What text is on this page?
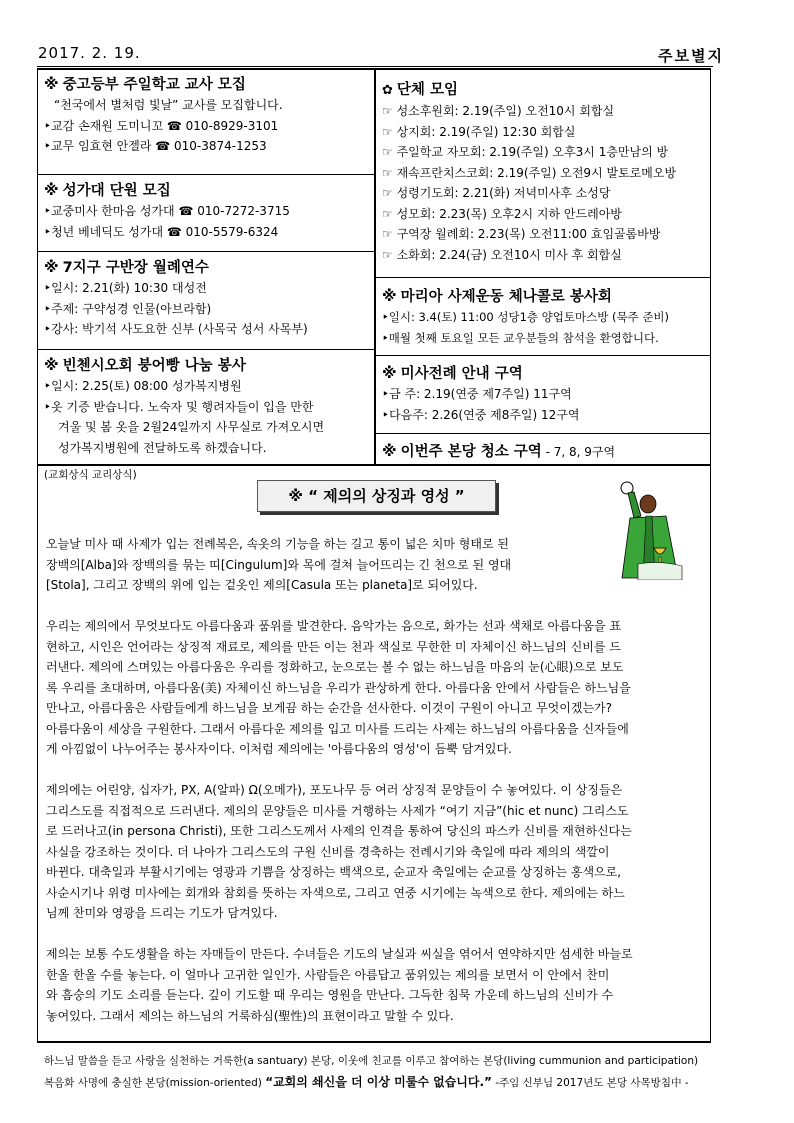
2017. 2. 19.	주보별지
※ 중고등부 주일학교 교사 모집
“천국에서 별처럼 빛날” 교사를 모집합니다.
‣교감 손재원 도미니꼬 ☎ 010-8929-3101
‣교무 임효현 안젤라 ☎ 010-3874-1253
※ 성가대 단원 모집
‣교중미사 한마음 성가대 ☎ 010-7272-3715
‣청년 베네딕도 성가대 ☎ 010-5579-6324
※ 7지구 구반장 월례연수
‣일시: 2.21(화) 10:30 대성전
‣주제: 구약성경 인물(아브라함)
‣강사: 박기석 사도요한 신부 (사목국 성서 사목부)
※ 빈첸시오회 붕어빵 나눔 봉사
‣일시: 2.25(토) 08:00 성가복지병원
‣옷 기증 받습니다. 노숙자 및 행려자들이 입을 만한
겨울 및 봄 옷을 2월24일까지 사무실로 가져오시면
성가복지병원에 전달하도록 하겠습니다.
✿ 단체 모임
☞ 성소후원회: 2.19(주일) 오전10시 회합실
☞ 상지회: 2.19(주일) 12:30 회합실
☞ 주일학교 자모회: 2.19(주일) 오후3시 1층만남의 방
☞ 재속프란치스코회: 2.19(주일) 오전9시 발토로메오방
☞ 성령기도회: 2.21(화) 저녁미사후 소성당
☞ 성모회: 2.23(목) 오후2시 지하 안드레아방
☞ 구역장 월례회: 2.23(목) 오전11:00 효임골롬바방
☞ 소화회: 2.24(금) 오전10시 미사 후 회합실
※ 마리아 사제운동 체나콜로 봉사회
‣일시: 3.4(토) 11:00 성당1층 양업토마스방 (묵주 준비)
‣매월 첫째 토요일 모든 교우분들의 참석을 환영합니다.
※ 미사전례 안내 구역
‣금 주: 2.19(연중 제7주일) 11구역
‣다음주: 2.26(연중 제8주일) 12구역
※ 이번주 본당 청소 구역 - 7, 8, 9구역
(교회상식 교리상식)
※ “ 제의의 상징과 영성 ”
오늘날 미사 때 사제가 입는 전례복은, 속옷의 기능을 하는 길고 통이 넓은 치마 형태로 된
장백의[Alba]와 장백의를 묶는 띠[Cingulum]와 목에 걸쳐 늘어뜨리는 긴 천으로 된 영대
[Stola], 그리고 장백의 위에 입는 겉옷인 제의[Casula 또는 planeta]로 되어있다.
우리는 제의에서 무엇보다도 아름다움과 품위를 발견한다. 음악가는 음으로, 화가는 선과 색채로 아름다움을 표
현하고, 시인은 언어라는 상징적 재료로, 제의를 만든 이는 천과 색실로 무한한 미 자체이신 하느님의 신비를 드
러낸다. 제의에 스며있는 아름다움은 우리를 정화하고, 눈으로는 볼 수 없는 하느님을 마음의 눈(心眼)으로 보도
록 우리를 초대하며, 아름다움(美) 자체이신 하느님을 우리가 관상하게 한다. 아름다움 안에서 사람들은 하느님을
만나고, 아름다움은 사람들에게 하느님을 보게끔 하는 순간을 선사한다. 이것이 구원이 아니고 무엇이겠는가?
아름다움이 세상을 구원한다. 그래서 아름다운 제의를 입고 미사를 드리는 사제는 하느님의 아름다움을 신자들에
게 아낌없이 나누어주는 봉사자이다. 이처럼 제의에는 '아름다움의 영성'이 듬뿍 담겨있다.
제의에는 어린양, 십자가, PX, A(알파) Ω(오메가), 포도나무 등 여러 상징적 문양들이 수 놓여있다. 이 상징들은
그리스도를 직접적으로 드러낸다. 제의의 문양들은 미사를 거행하는 사제가 “여기 지금”(hic et nunc) 그리스도
로 드러나고(in persona Christi), 또한 그리스도께서 사제의 인격을 통하여 당신의 파스카 신비를 재현하신다는
사실을 강조하는 것이다. 더 나아가 그리스도의 구원 신비를 경축하는 전례시기와 축일에 따라 제의의 색깔이
바뀐다. 대축일과 부활시기에는 영광과 기쁨을 상징하는 백색으로, 순교자 축일에는 순교를 상징하는 홍색으로,
사순시기나 위령 미사에는 회개와 참회를 뜻하는 자색으로, 그리고 연중 시기에는 녹색으로 한다. 제의에는 하느
님께 찬미와 영광을 드리는 기도가 담겨있다.
제의는 보통 수도생활을 하는 자매들이 만든다. 수녀들은 기도의 날실과 씨실을 엮어서 연약하지만 섬세한 바늘로
한올 한올 수를 놓는다. 이 얼마나 고귀한 일인가. 사람들은 아름답고 품위있는 제의를 보면서 이 안에서 찬미
와 흠숭의 기도 소리를 듣는다. 깊이 기도할 때 우리는 영원을 만난다. 그득한 침묵 가운데 하느님의 신비가 수
놓여있다. 그래서 제의는 하느님의 거룩하심(聖性)의 표현이라고 말할 수 있다.
하느님 말씀을 듣고 사랑을 실천하는 거룩한(a santuary) 본당, 이웃에 친교를 이루고 참여하는 본당(living cummunion and participation)
복음화 사명에 충실한 본당(mission-oriented) “교회의 쇄신을 더 이상 미룰수 없습니다.” -주임 신부님 2017년도 본당 사목방침中 -
